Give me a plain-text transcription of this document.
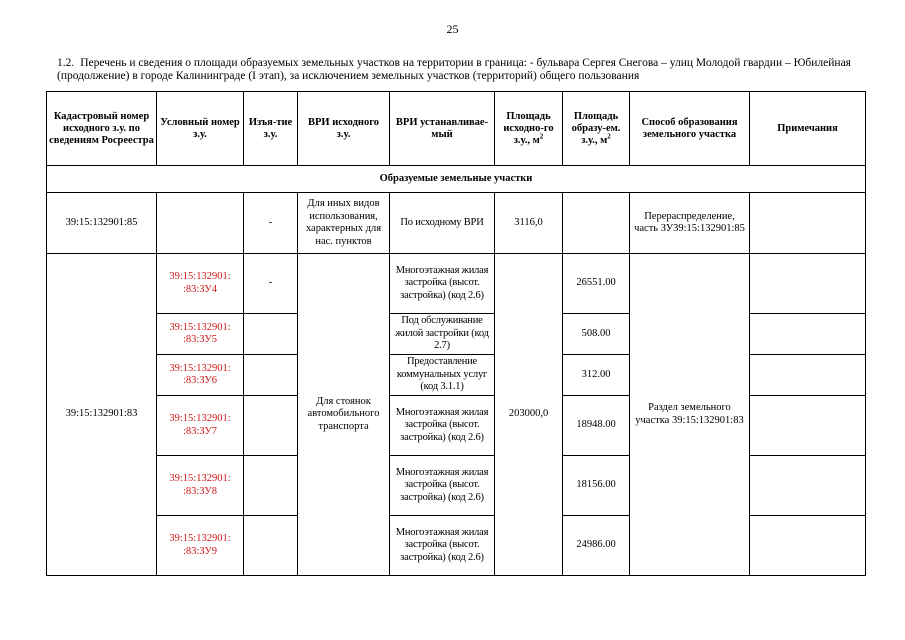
25
1.2. Перечень и сведения о площади образуемых земельных участков на территории в граница: - бульвара Сергея Снегова – улиц Молодой гвардии – Юбилейная (продолжение) в городе Калининграде (I этап), за исключением земельных участков (территорий) общего пользования
Кадастровый номер исходного з.у. по сведениям Росреестра	Условный номер з.у.	Изъя-тие з.у.	ВРИ исходного з.у.	ВРИ устанавливае-мый	Площадь исходно-го з.у., $м^2$	Площадь образу-ем. з.у., $м^2$	Способ образования земельного участка	Примечания
Образуемые земельные участки								
39:15:132901:85		-	Для иных видов использования, характерных для нас. пунктов	По исходному ВРИ	3116,0		Перераспределение, часть ЗУ39:15:132901:85	
39:15:132901:83	39:15:132901: :83:ЗУ4	-	Для стоянок автомобильного транспорта	Многоэтажная жилая застройка (высот. застройка) (код 2.6)	203000,0	26551.00	Раздел земельного участка 39:15:132901:83	
	39:15:132901: :83:ЗУ5			Под обслуживание жилой застройки (код 2.7)		508.00		
	39:15:132901: :83:ЗУ6			Предоставление коммунальных услуг (код 3.1.1)		312.00		
	39:15:132901: :83:ЗУ7			Многоэтажная жилая застройка (высот. застройка) (код 2.6)		18948.00		
	39:15:132901: :83:ЗУ8			Многоэтажная жилая застройка (высот. застройка) (код 2.6)		18156.00		
	39:15:132901: :83:ЗУ9			Многоэтажная жилая застройка (высот. застройка) (код 2.6)		24986.00		
